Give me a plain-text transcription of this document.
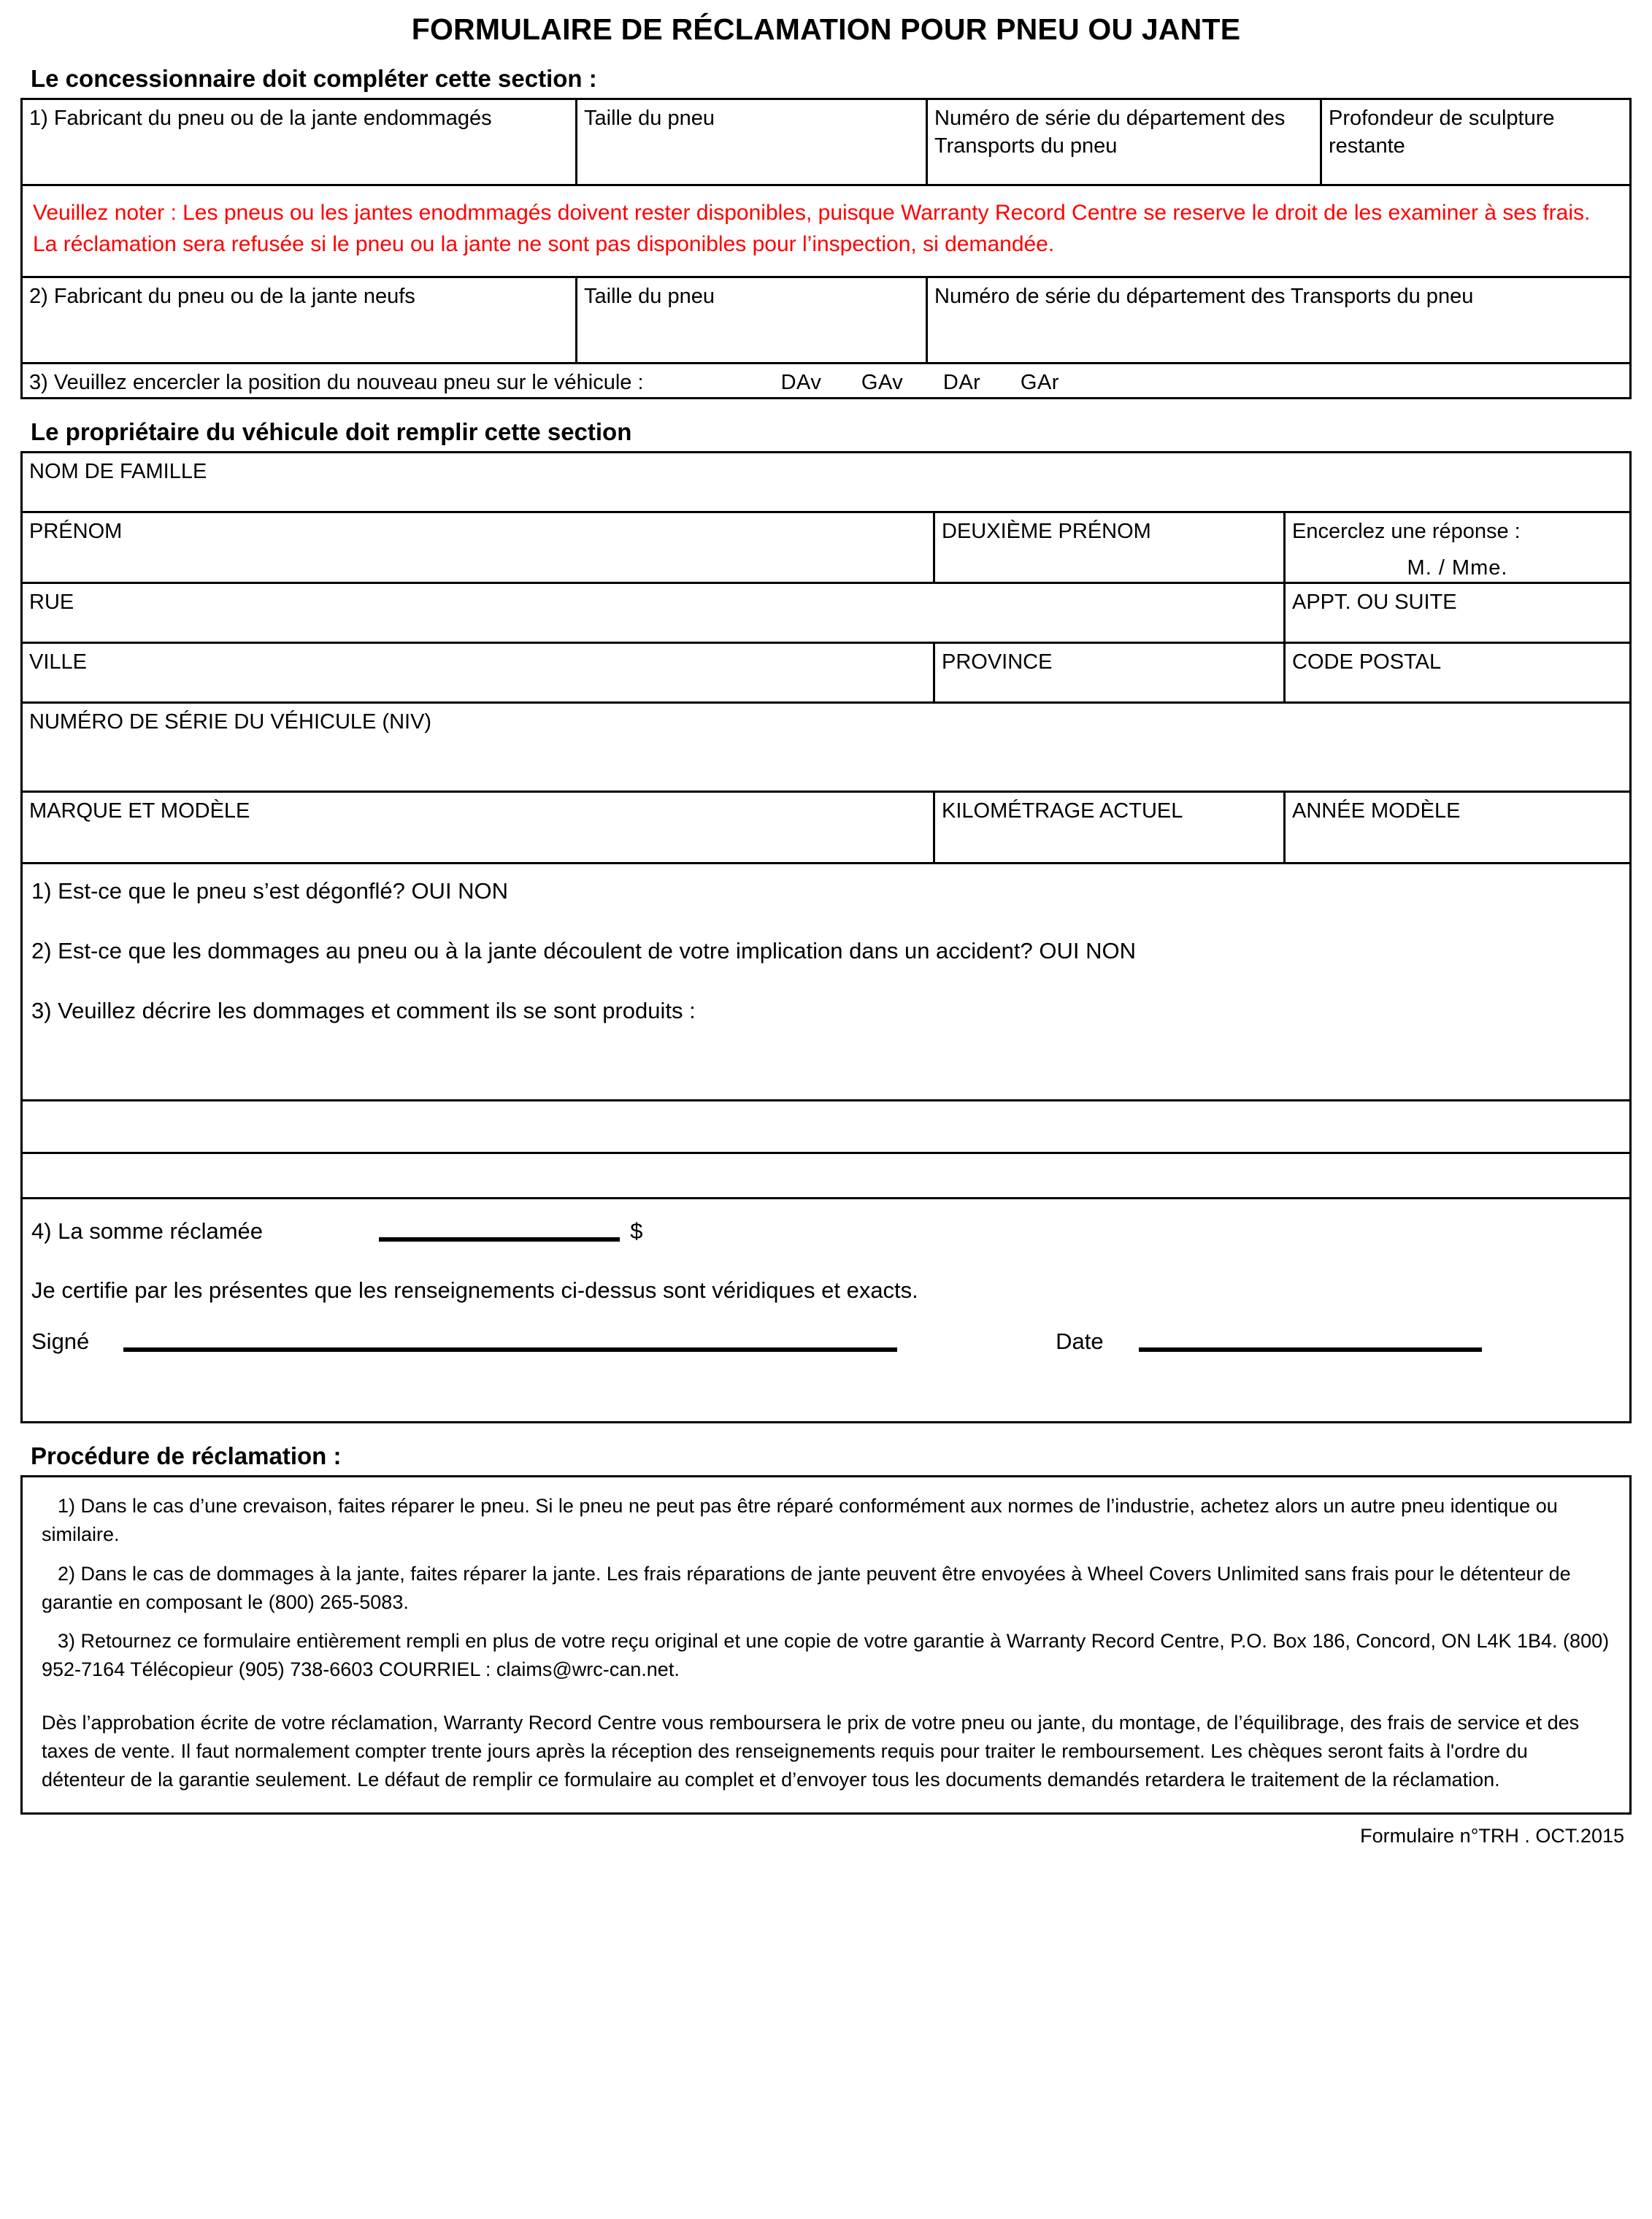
FORMULAIRE DE RÉCLAMATION POUR PNEU OU JANTE
Le concessionnaire doit compléter cette section :
1) Fabricant du pneu ou de la jante endommagés	Taille du pneu	Numéro de série du département des Transports du pneu	Profondeur de sculpture restante
Veuillez noter : Les pneus ou les jantes enodmmagés doivent rester disponibles, puisque Warranty Record Centre se reserve le droit de les examiner à ses frais. La réclamation sera refusée si le pneu ou la jante ne sont pas disponibles pour l’inspection, si demandée.			
2) Fabricant du pneu ou de la jante neufs	Taille du pneu	Numéro de série du département des Transports du pneu	
3) Veuillez encercler la position du nouveau pneu sur le véhicule : DAv GAv DAr GAr			
Le propriétaire du véhicule doit remplir cette section
NOM DE FAMILLE		
PRÉNOM	DEUXIÈME PRÉNOM	Encerclez une réponse :
M. / Mme.

RUE		APPT. OU SUITE
VILLE	PROVINCE	CODE POSTAL
NUMÉRO DE SÉRIE DU VÉHICULE (NIV)		
MARQUE ET MODÈLE	KILOMÉTRAGE ACTUEL	ANNÉE MODÈLE

1) Est-ce que le pneu s’est dégonflé? OUI NON
2) Est-ce que les dommages au pneu ou à la jante découlent de votre implication dans un accident? OUI NON
3) Veuillez décrire les dommages et comment ils se sont produits :		

4) La somme réclamée $
Je certifie par les présentes que les renseignements ci-dessus sont véridiques et exacts.
Signé Date		
Procédure de réclamation :
1) Dans le cas d’une crevaison, faites réparer le pneu. Si le pneu ne peut pas être réparé conformément aux normes de l’industrie, achetez alors un autre pneu identique ou similaire.
2) Dans le cas de dommages à la jante, faites réparer la jante. Les frais réparations de jante peuvent être envoyées à Wheel Covers Unlimited sans frais pour le détenteur de garantie en composant le (800) 265-5083.
3) Retournez ce formulaire entièrement rempli en plus de votre reçu original et une copie de votre garantie à Warranty Record Centre, P.O. Box 186, Concord, ON L4K 1B4. (800) 952-7164 Télécopieur (905) 738-6603 COURRIEL : claims@wrc-can.net.
Dès l’approbation écrite de votre réclamation, Warranty Record Centre vous remboursera le prix de votre pneu ou jante, du montage, de l’équilibrage, des frais de service et des taxes de vente. Il faut normalement compter trente jours après la réception des renseignements requis pour traiter le remboursement. Les chèques seront faits à l'ordre du détenteur de la garantie seulement. Le défaut de remplir ce formulaire au complet et d’envoyer tous les documents demandés retardera le traitement de la réclamation.
Formulaire n°TRH . OCT.2015
